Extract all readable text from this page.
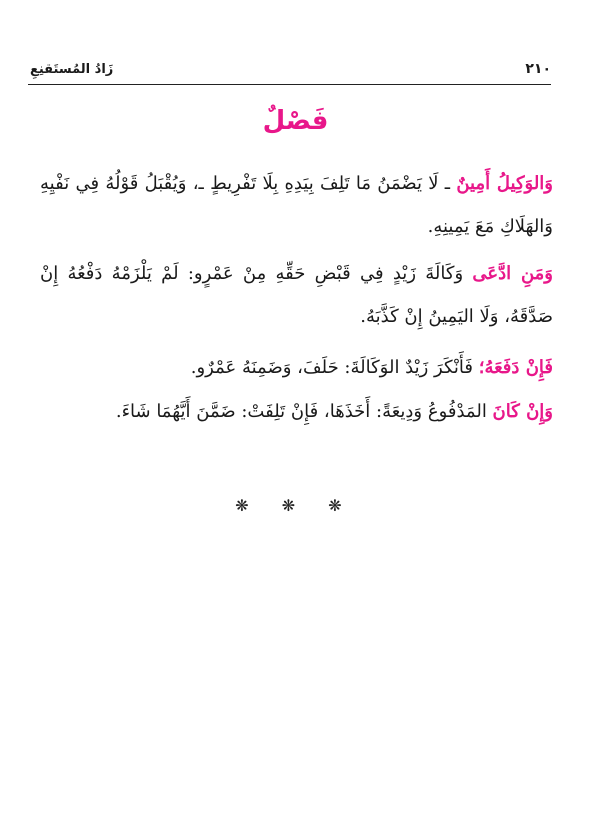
زَادُ المُستَقنِعِ	٢١٠
فَصْلٌ

وَالوَكِيلُ أَمِينٌ ـ لَا يَضْمَنُ مَا تَلِفَ بِيَدِهِ بِلَا تَفْرِيطٍ ـ، وَيُقْبَلُ قَوْلُهُ فِي نَفْيِهِ وَالهَلَاكِ مَعَ يَمِينِهِ.

وَمَنِ ادَّعَى وَكَالَةَ زَيْدٍ فِي قَبْضِ حَقِّهِ مِنْ عَمْرٍو: لَمْ يَلْزَمْهُ دَفْعُهُ إِنْ صَدَّقَهُ، وَلَا اليَمِينُ إِنْ كَذَّبَهُ.

فَإِنْ دَفَعَهُ؛ فَأَنْكَرَ زَيْدٌ الوَكَالَةَ: حَلَفَ، وَضَمِنَهُ عَمْرٌو.

وَإِنْ كَانَ المَدْفُوعُ وَدِيعَةً: أَخَذَهَا، فَإِنْ تَلِفَتْ: ضَمَّنَ أَيَّهُمَا شَاءَ.

❋ ❋ ❋
